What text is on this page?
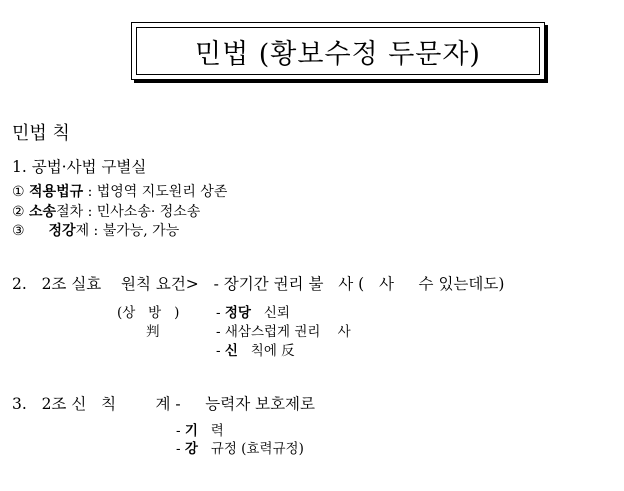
민법 (황보수정 두문자)
민법 칙
1. 공법·사법 구별실
① 적용법규 : 법영역 지도원리 상존
② 소송절차 : 민사소송· 정소송
③     정강제 : 불가능, 가능
2.   2조 실효    원칙 요건>   - 장기간 권리 불   사 (   사     수 있는데도)
(상   방   )
判
- 정당   신뢰
- 새삼스럽게 권리    사
- 신   칙에 反
3.   2조 신   칙        계 -     능력자 보호제로
- 기   력
- 강   규정 (효력규정)
